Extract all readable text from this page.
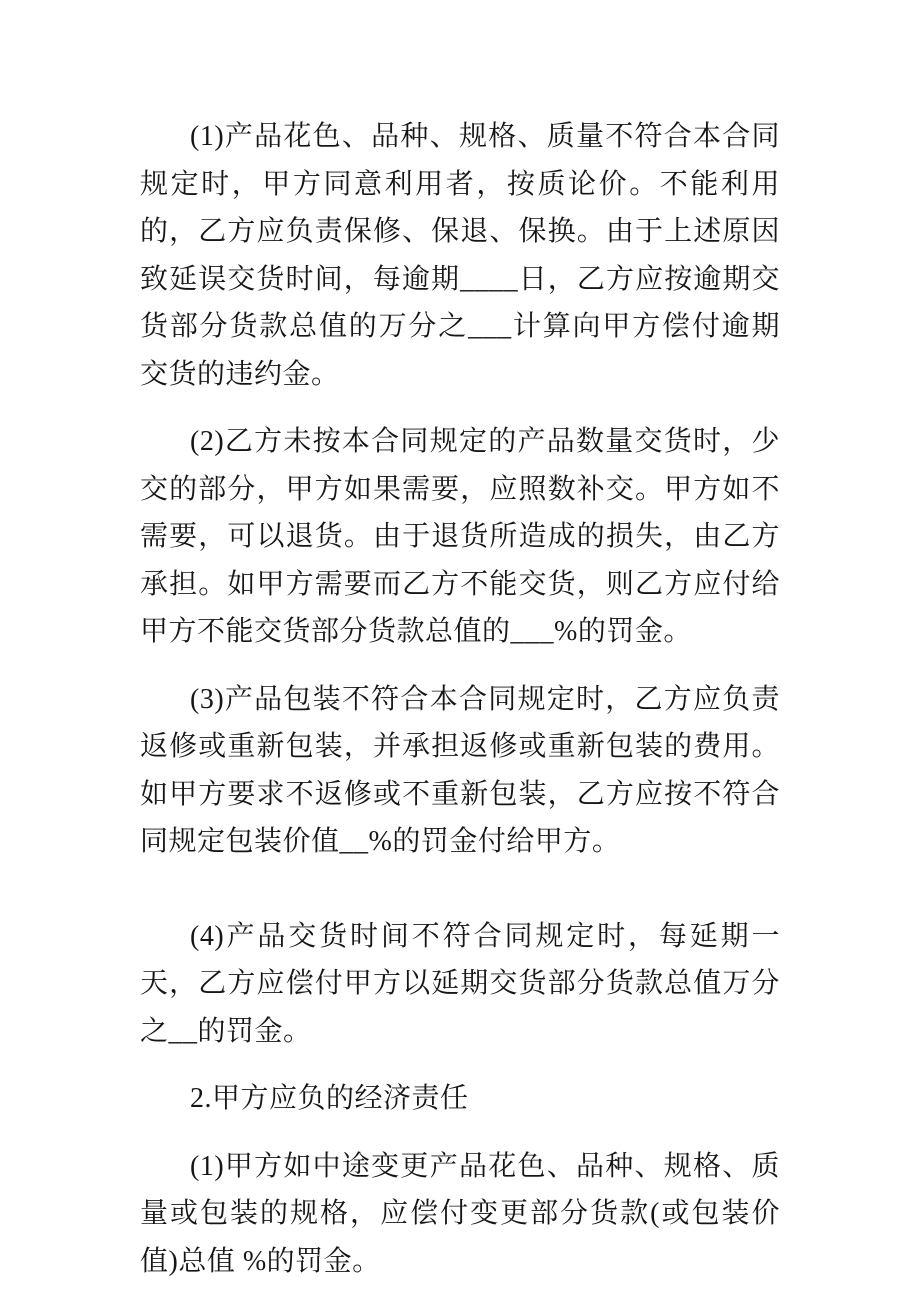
(1)产品花色、品种、规格、质量不符合本合同规定时，甲方同意利用者，按质论价。不能利用的，乙方应负责保修、保退、保换。由于上述原因致延误交货时间，每逾期____日，乙方应按逾期交货部分货款总值的万分之___计算向甲方偿付逾期交货的违约金。

(2)乙方未按本合同规定的产品数量交货时，少交的部分，甲方如果需要，应照数补交。甲方如不需要，可以退货。由于退货所造成的损失，由乙方承担。如甲方需要而乙方不能交货，则乙方应付给甲方不能交货部分货款总值的___%的罚金。

(3)产品包装不符合本合同规定时，乙方应负责返修或重新包装，并承担返修或重新包装的费用。如甲方要求不返修或不重新包装，乙方应按不符合同规定包装价值__%的罚金付给甲方。

(4)产品交货时间不符合同规定时，每延期一天，乙方应偿付甲方以延期交货部分货款总值万分之__的罚金。

2.甲方应负的经济责任

(1)甲方如中途变更产品花色、品种、规格、质量或包装的规格，应偿付变更部分货款(或包装价值)总值 %的罚金。
